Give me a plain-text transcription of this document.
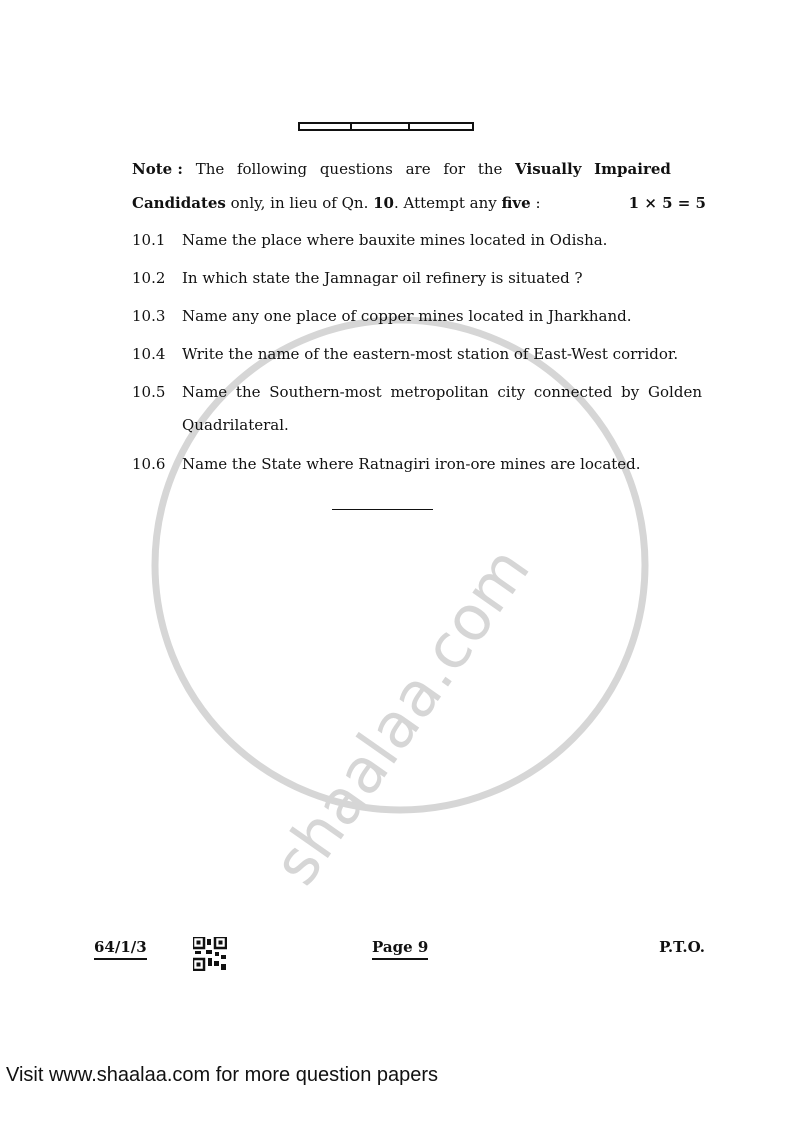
shaalaa.com
Note : The following questions are for the Visually Impaired
Candidates only, in lieu of Qn. 10. Attempt any five :	1 × 5 = 5
10.1 Name the place where bauxite mines located in Odisha.
10.2 In which state the Jamnagar oil refinery is situated ?
10.3 Name any one place of copper mines located in Jharkhand.
10.4 Write the name of the eastern-most station of East-West corridor.
10.5 Name the Southern-most metropolitan city connected by Golden
Quadrilateral.
10.6 Name the State where Ratnagiri iron-ore mines are located.
64/1/3	Page 9	P.T.O.
Visit www.shaalaa.com for more question papers
